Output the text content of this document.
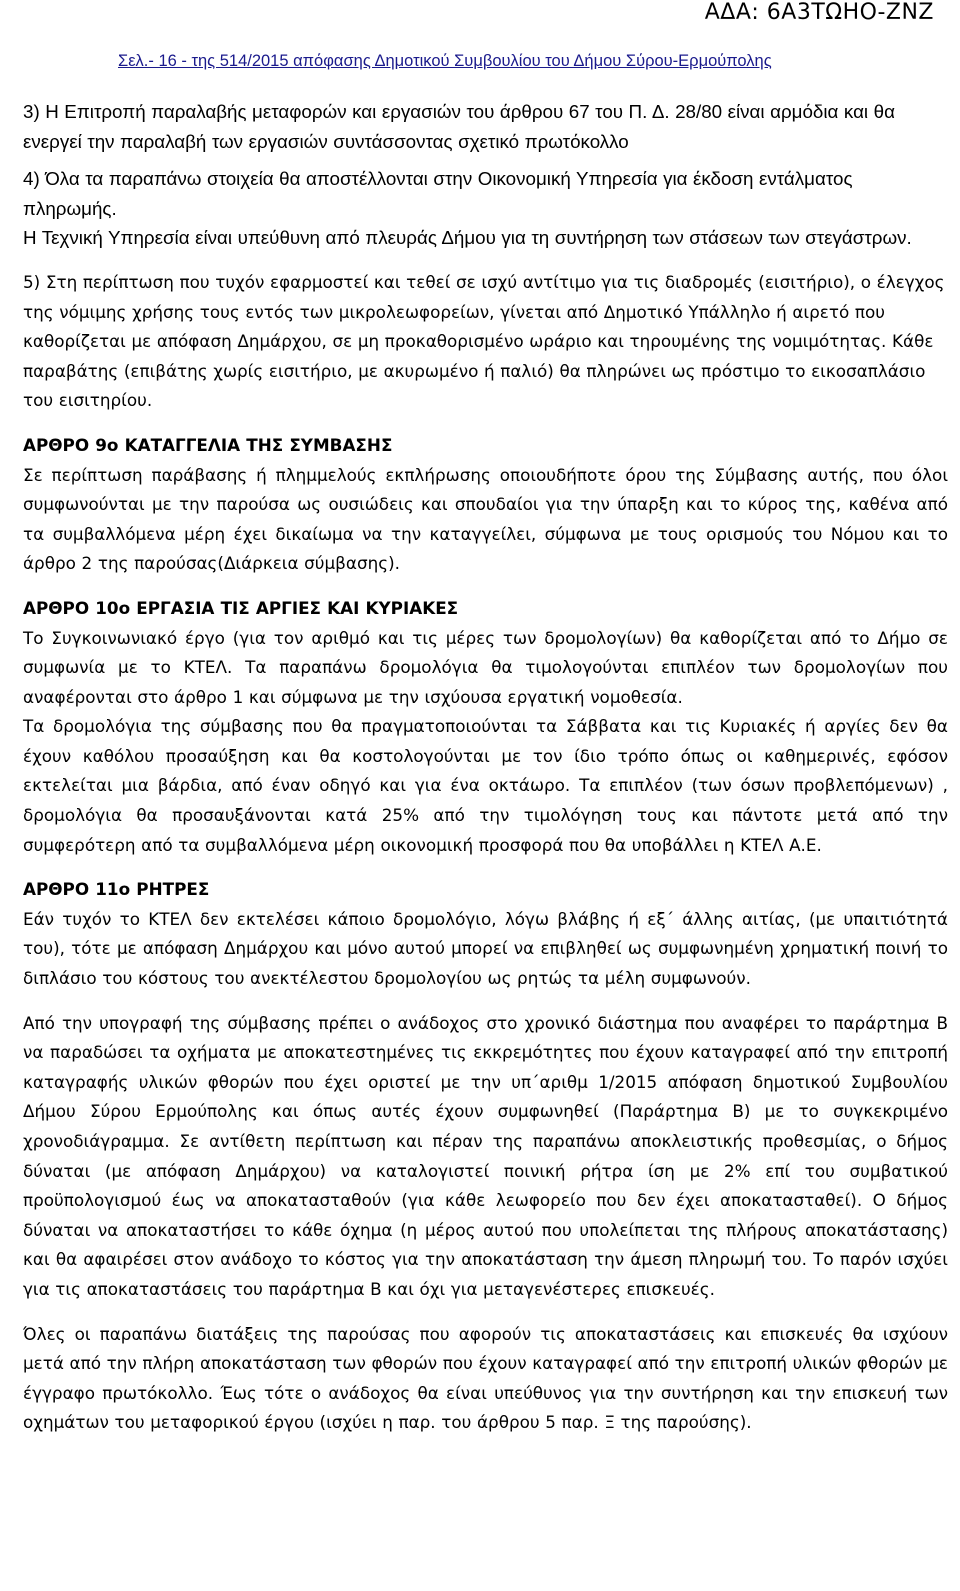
ΑΔΑ: 6Α3ΤΩΗΟ-ΖΝΖ
Σελ.- 16 - της 514/2015 απόφασης Δημοτικού Συμβουλίου του Δήμου Σύρου-Ερμούπολης

3) Η Επιτροπή παραλαβής μεταφορών και εργασιών του άρθρου 67 του Π. Δ. 28/80 είναι αρμόδια και θα ενεργεί την παραλαβή των εργασιών συντάσσοντας σχετικό πρωτόκολλο

4) Όλα τα παραπάνω στοιχεία θα αποστέλλονται στην Οικονομική Υπηρεσία για έκδοση εντάλματος πληρωμής.

Η Τεχνική Υπηρεσία είναι υπεύθυνη από πλευράς Δήμου για τη συντήρηση των στάσεων των στεγάστρων.

5) Στη περίπτωση που τυχόν εφαρμοστεί και τεθεί σε ισχύ αντίτιμο για τις διαδρομές (εισιτήριο), ο έλεγχος της νόμιμης χρήσης τους εντός των μικρολεωφορείων, γίνεται από Δημοτικό Υπάλληλο ή αιρετό που καθορίζεται με απόφαση Δημάρχου, σε μη προκαθορισμένο ωράριο και τηρουμένης της νομιμότητας. Κάθε παραβάτης (επιβάτης χωρίς εισιτήριο, με ακυρωμένο ή παλιό) θα πληρώνει ως πρόστιμο το εικοσαπλάσιο του εισιτηρίου.

ΑΡΘΡΟ 9ο ΚΑΤΑΓΓΕΛΙΑ ΤΗΣ ΣΥΜΒΑΣΗΣ

Σε περίπτωση παράβασης ή πλημμελούς εκπλήρωσης οποιουδήποτε όρου της Σύμβασης αυτής, που όλοι συμφωνούνται με την παρούσα ως ουσιώδεις και σπουδαίοι για την ύπαρξη και το κύρος της, καθένα από τα συμβαλλόμενα μέρη έχει δικαίωμα να την καταγγείλει, σύμφωνα με τους ορισμούς του Νόμου και το άρθρο 2 της παρούσας(Διάρκεια σύμβασης).

ΑΡΘΡΟ 10ο ΕΡΓΑΣΙΑ ΤΙΣ ΑΡΓΙΕΣ ΚΑΙ ΚΥΡΙΑΚΕΣ

Το Συγκοινωνιακό έργο (για τον αριθμό και τις μέρες των δρομολογίων) θα καθορίζεται από το Δήμο σε συμφωνία με το ΚΤΕΛ. Τα παραπάνω δρομολόγια θα τιμολογούνται επιπλέον των δρομολογίων που αναφέρονται στο άρθρο 1 και σύμφωνα με την ισχύουσα εργατική νομοθεσία.

Τα δρομολόγια της σύμβασης που θα πραγματοποιούνται τα Σάββατα και τις Κυριακές ή αργίες δεν θα έχουν καθόλου προσαύξηση και θα κοστολογούνται με τον ίδιο τρόπο όπως οι καθημερινές, εφόσον εκτελείται μια βάρδια, από έναν οδηγό και για ένα οκτάωρο. Τα επιπλέον (των όσων προβλεπόμενων) , δρομολόγια θα προσαυξάνονται κατά 25% από την τιμολόγηση τους και πάντοτε μετά από την συμφερότερη από τα συμβαλλόμενα μέρη οικονομική προσφορά που θα υποβάλλει η ΚΤΕΛ Α.Ε.

ΑΡΘΡΟ 11ο ΡΗΤΡΕΣ

Εάν τυχόν το ΚΤΕΛ δεν εκτελέσει κάποιο δρομολόγιο, λόγω βλάβης ή εξ΄ άλλης αιτίας, (με υπαιτιότητά του), τότε με απόφαση Δημάρχου και μόνο αυτού μπορεί να επιβληθεί ως συμφωνημένη χρηματική ποινή το διπλάσιο του κόστους του ανεκτέλεστου δρομολογίου ως ρητώς τα μέλη συμφωνούν.

Από την υπογραφή της σύμβασης πρέπει ο ανάδοχος στο χρονικό διάστημα που αναφέρει το παράρτημα Β να παραδώσει τα οχήματα με αποκατεστημένες τις εκκρεμότητες που έχουν καταγραφεί από την επιτροπή καταγραφής υλικών φθορών που έχει οριστεί με την υπ΄αριθμ 1/2015 απόφαση δημοτικού Συμβουλίου Δήμου Σύρου Ερμούπολης και όπως αυτές έχουν συμφωνηθεί (Παράρτημα Β) με το συγκεκριμένο χρονοδιάγραμμα. Σε αντίθετη περίπτωση και πέραν της παραπάνω αποκλειστικής προθεσμίας, ο δήμος δύναται (με απόφαση Δημάρχου) να καταλογιστεί ποινική ρήτρα ίση με 2% επί του συμβατικού προϋπολογισμού έως να αποκατασταθούν (για κάθε λεωφορείο που δεν έχει αποκατασταθεί). Ο δήμος δύναται να αποκαταστήσει το κάθε όχημα (η μέρος αυτού που υπολείπεται της πλήρους αποκατάστασης) και θα αφαιρέσει στον ανάδοχο το κόστος για την αποκατάσταση την άμεση πληρωμή του. Το παρόν ισχύει για τις αποκαταστάσεις του παράρτημα Β και όχι για μεταγενέστερες επισκευές.

Όλες οι παραπάνω διατάξεις της παρούσας που αφορούν τις αποκαταστάσεις και επισκευές θα ισχύουν μετά από την πλήρη αποκατάσταση των φθορών που έχουν καταγραφεί από την επιτροπή υλικών φθορών με έγγραφο πρωτόκολλο. Έως τότε ο ανάδοχος θα είναι υπεύθυνος για την συντήρηση και την επισκευή των οχημάτων του μεταφορικού έργου (ισχύει η παρ. του άρθρου 5 παρ. Ξ της παρούσης).
